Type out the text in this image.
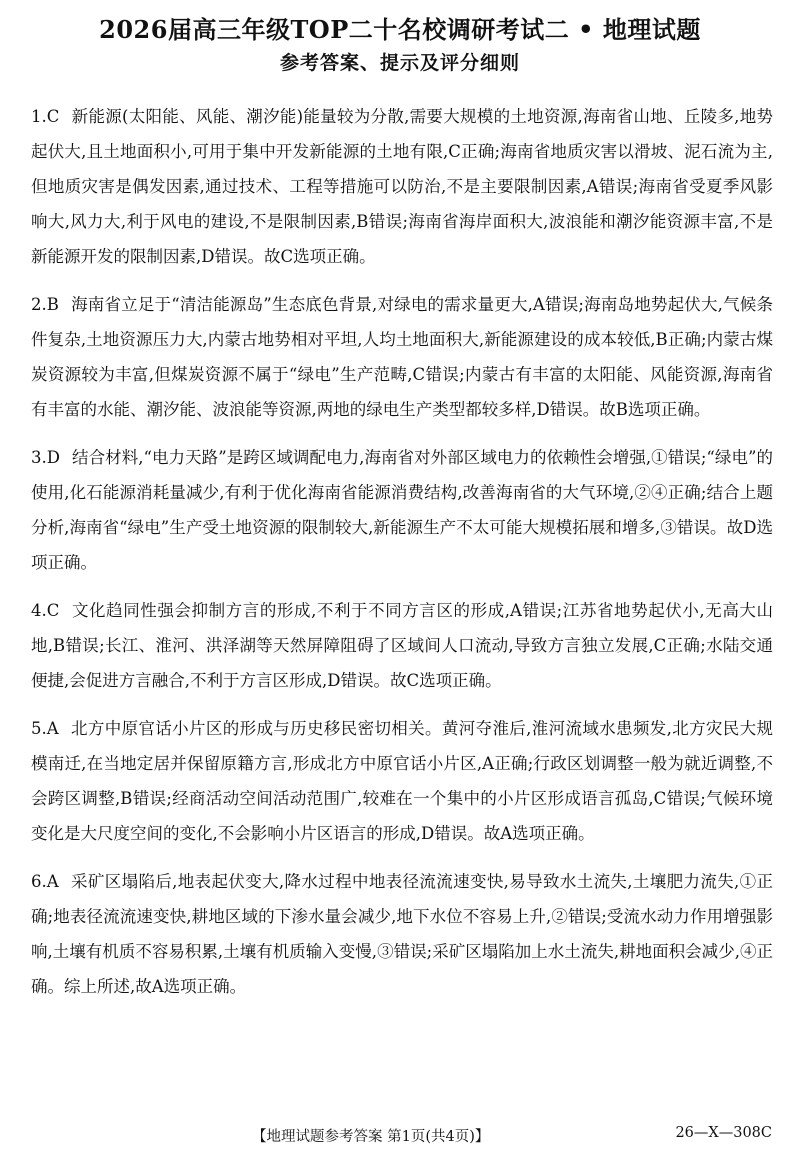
2026届高三年级TOP二十名校调研考试二 • 地理试题
参考答案、提示及评分细则

1.C 新能源(太阳能、风能、潮汐能)能量较为分散,需要大规模的土地资源,海南省山地、丘陵多,地势起伏大,且土地面积小,可用于集中开发新能源的土地有限,C正确;海南省地质灾害以滑坡、泥石流为主,但地质灾害是偶发因素,通过技术、工程等措施可以防治,不是主要限制因素,A错误;海南省受夏季风影响大,风力大,利于风电的建设,不是限制因素,B错误;海南省海岸面积大,波浪能和潮汐能资源丰富,不是新能源开发的限制因素,D错误。故C选项正确。

2.B 海南省立足于“清洁能源岛”生态底色背景,对绿电的需求量更大,A错误;海南岛地势起伏大,气候条件复杂,土地资源压力大,内蒙古地势相对平坦,人均土地面积大,新能源建设的成本较低,B正确;内蒙古煤炭资源较为丰富,但煤炭资源不属于“绿电”生产范畴,C错误;内蒙古有丰富的太阳能、风能资源,海南省有丰富的水能、潮汐能、波浪能等资源,两地的绿电生产类型都较多样,D错误。故B选项正确。

3.D 结合材料,“电力天路”是跨区域调配电力,海南省对外部区域电力的依赖性会增强,①错误;“绿电”的使用,化石能源消耗量减少,有利于优化海南省能源消费结构,改善海南省的大气环境,②④正确;结合上题分析,海南省“绿电”生产受土地资源的限制较大,新能源生产不太可能大规模拓展和增多,③错误。故D选项正确。

4.C 文化趋同性强会抑制方言的形成,不利于不同方言区的形成,A错误;江苏省地势起伏小,无高大山地,B错误;长江、淮河、洪泽湖等天然屏障阻碍了区域间人口流动,导致方言独立发展,C正确;水陆交通便捷,会促进方言融合,不利于方言区形成,D错误。故C选项正确。

5.A 北方中原官话小片区的形成与历史移民密切相关。黄河夺淮后,淮河流域水患频发,北方灾民大规模南迁,在当地定居并保留原籍方言,形成北方中原官话小片区,A正确;行政区划调整一般为就近调整,不会跨区调整,B错误;经商活动空间活动范围广,较难在一个集中的小片区形成语言孤岛,C错误;气候环境变化是大尺度空间的变化,不会影响小片区语言的形成,D错误。故A选项正确。

6.A 采矿区塌陷后,地表起伏变大,降水过程中地表径流流速变快,易导致水土流失,土壤肥力流失,①正确;地表径流流速变快,耕地区域的下渗水量会减少,地下水位不容易上升,②错误;受流水动力作用增强影响,土壤有机质不容易积累,土壤有机质输入变慢,③错误;采矿区塌陷加上水土流失,耕地面积会减少,④正确。综上所述,故A选项正确。

【地理试题参考答案 第1页(共4页)】	26—X—308C
